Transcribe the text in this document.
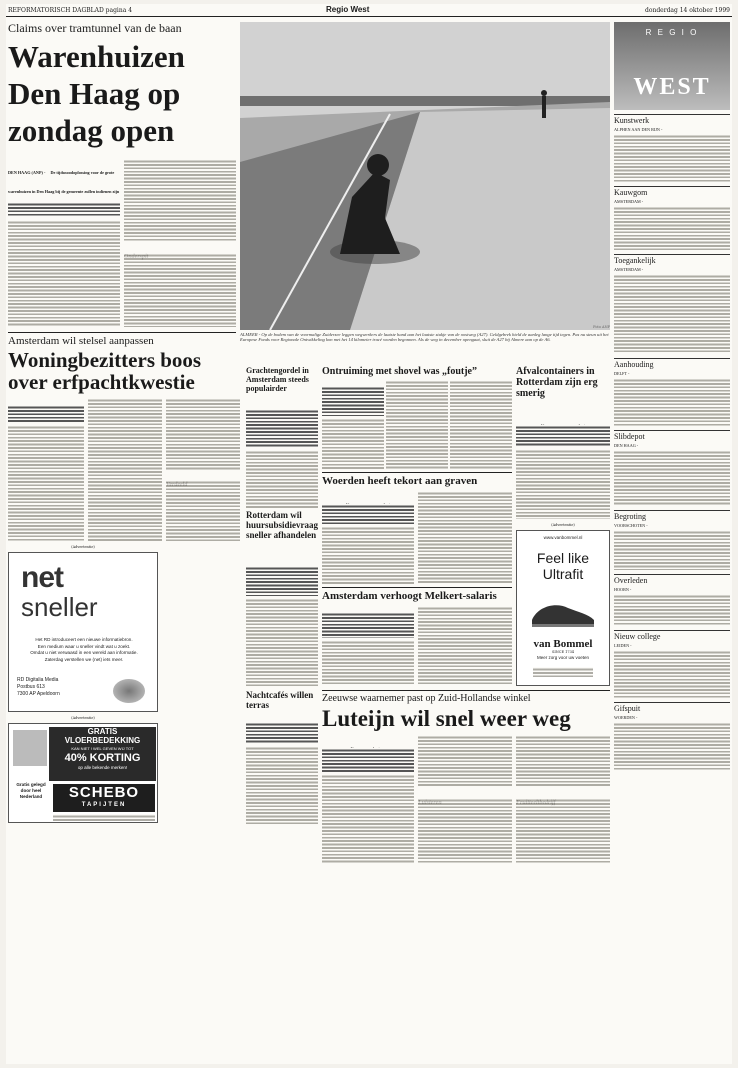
REFORMATORISCH DAGBLAD pagina 4	Regio West	donderdag 14 oktober 1999
Claims over tramtunnel van de baan
Warenhuizen
Den Haag op
zondag open
DEN HAAG (ANP) - De tijdsnoodoplossing voor de grote warenhuizen in Den Haag bij de gemeente zullen indienen zijn
ALMEER - Op de bodem van de voormalige Zuiderzee leggen wegwerkers de laatste hand aan het laatste stukje van de oostweg (A27). Geldgebrek hield de aanleg lange tijd tegen. Pas nu steun uit het Europese Fonds voor Regionale Ontwikkeling kon met het 14 kilometer tracé worden begonnen. Als de weg in december opengaat, sluit de A27 bij Almere aan op de A6.
Foto ANP
Amsterdam wil stelsel aanpassen
Woningbezitters boos
over erfpachtkwestie
(Advertentie)
net
sneller
Het RD introduceert een nieuwe informatiebron.
Een medium waar u sneller vindt wat u zoekt.
Omdat u niet verwaasd in een wereld aan informatie.
Zaterdag verstellen we (net) iets meer.
RD Digitalia Media
Postbus 613
7300 AP Apeldoorn
(Advertentie)
GRATIS
VLOERBEDEKKING
KAN NIET ! WEL GEVEN WIJ TOT
40% KORTING
op alle bekende merken!
Gratis gelegd
door heel
Nederland	SCHEBO
TAPIJTEN
Grachtengordel in Amsterdam steeds populairder
Rotterdam wil huursubsidievraag sneller afhandelen
Nachtcafés willen terras
Ontruiming met shovel was „foutje”	Afvalcontainers in Rotterdam zijn erg smerig
Woerden heeft tekort aan graven
Amsterdam verhoogt Melkert-salaris
(Advertentie)
www.vanbommel.nl
Feel like
Ultrafit
van Bommel
SINCE 1734
Meer zorg voor uw voeten
Zeeuwse waarnemer past op Zuid-Hollandse winkel
Luteijn wil snel weer weg
R E G I O
WEST
Kunstwerk
ALPHEN AAN DEN RIJN -
Kauwgom
AMSTERDAM -
Toegankelijk
AMSTERDAM -
Aanhouding
DELFT -
Slibdepot
DEN HAAG -
Begroting
VOORSCHOTEN -
Overleden
HOORN -
Nieuw college
LEIDEN -
Gifspuit
WOERDEN -
